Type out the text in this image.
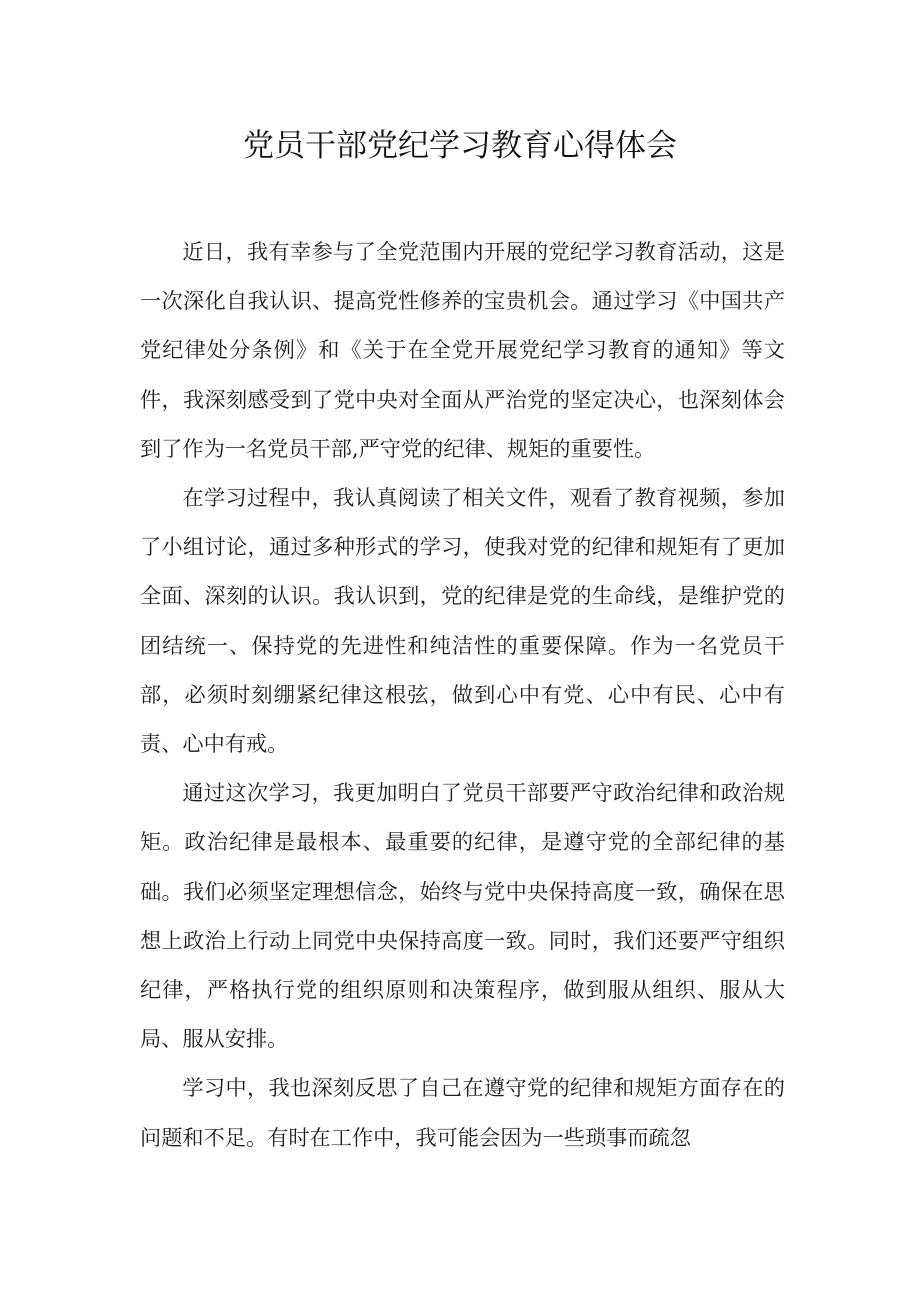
党员干部党纪学习教育心得体会

近日，我有幸参与了全党范围内开展的党纪学习教育活动，这是一次深化自我认识、提高党性修养的宝贵机会。通过学习《中国共产党纪律处分条例》和《关于在全党开展党纪学习教育的通知》等文件，我深刻感受到了党中央对全面从严治党的坚定决心，也深刻体会到了作为一名党员干部,严守党的纪律、规矩的重要性。

在学习过程中，我认真阅读了相关文件，观看了教育视频，参加了小组讨论，通过多种形式的学习，使我对党的纪律和规矩有了更加全面、深刻的认识。我认识到，党的纪律是党的生命线，是维护党的团结统一、保持党的先进性和纯洁性的重要保障。作为一名党员干部，必须时刻绷紧纪律这根弦，做到心中有党、心中有民、心中有责、心中有戒。

通过这次学习，我更加明白了党员干部要严守政治纪律和政治规矩。政治纪律是最根本、最重要的纪律，是遵守党的全部纪律的基础。我们必须坚定理想信念，始终与党中央保持高度一致，确保在思想上政治上行动上同党中央保持高度一致。同时，我们还要严守组织纪律，严格执行党的组织原则和决策程序，做到服从组织、服从大局、服从安排。

学习中，我也深刻反思了自己在遵守党的纪律和规矩方面存在的问题和不足。有时在工作中，我可能会因为一些琐事而疏忽
